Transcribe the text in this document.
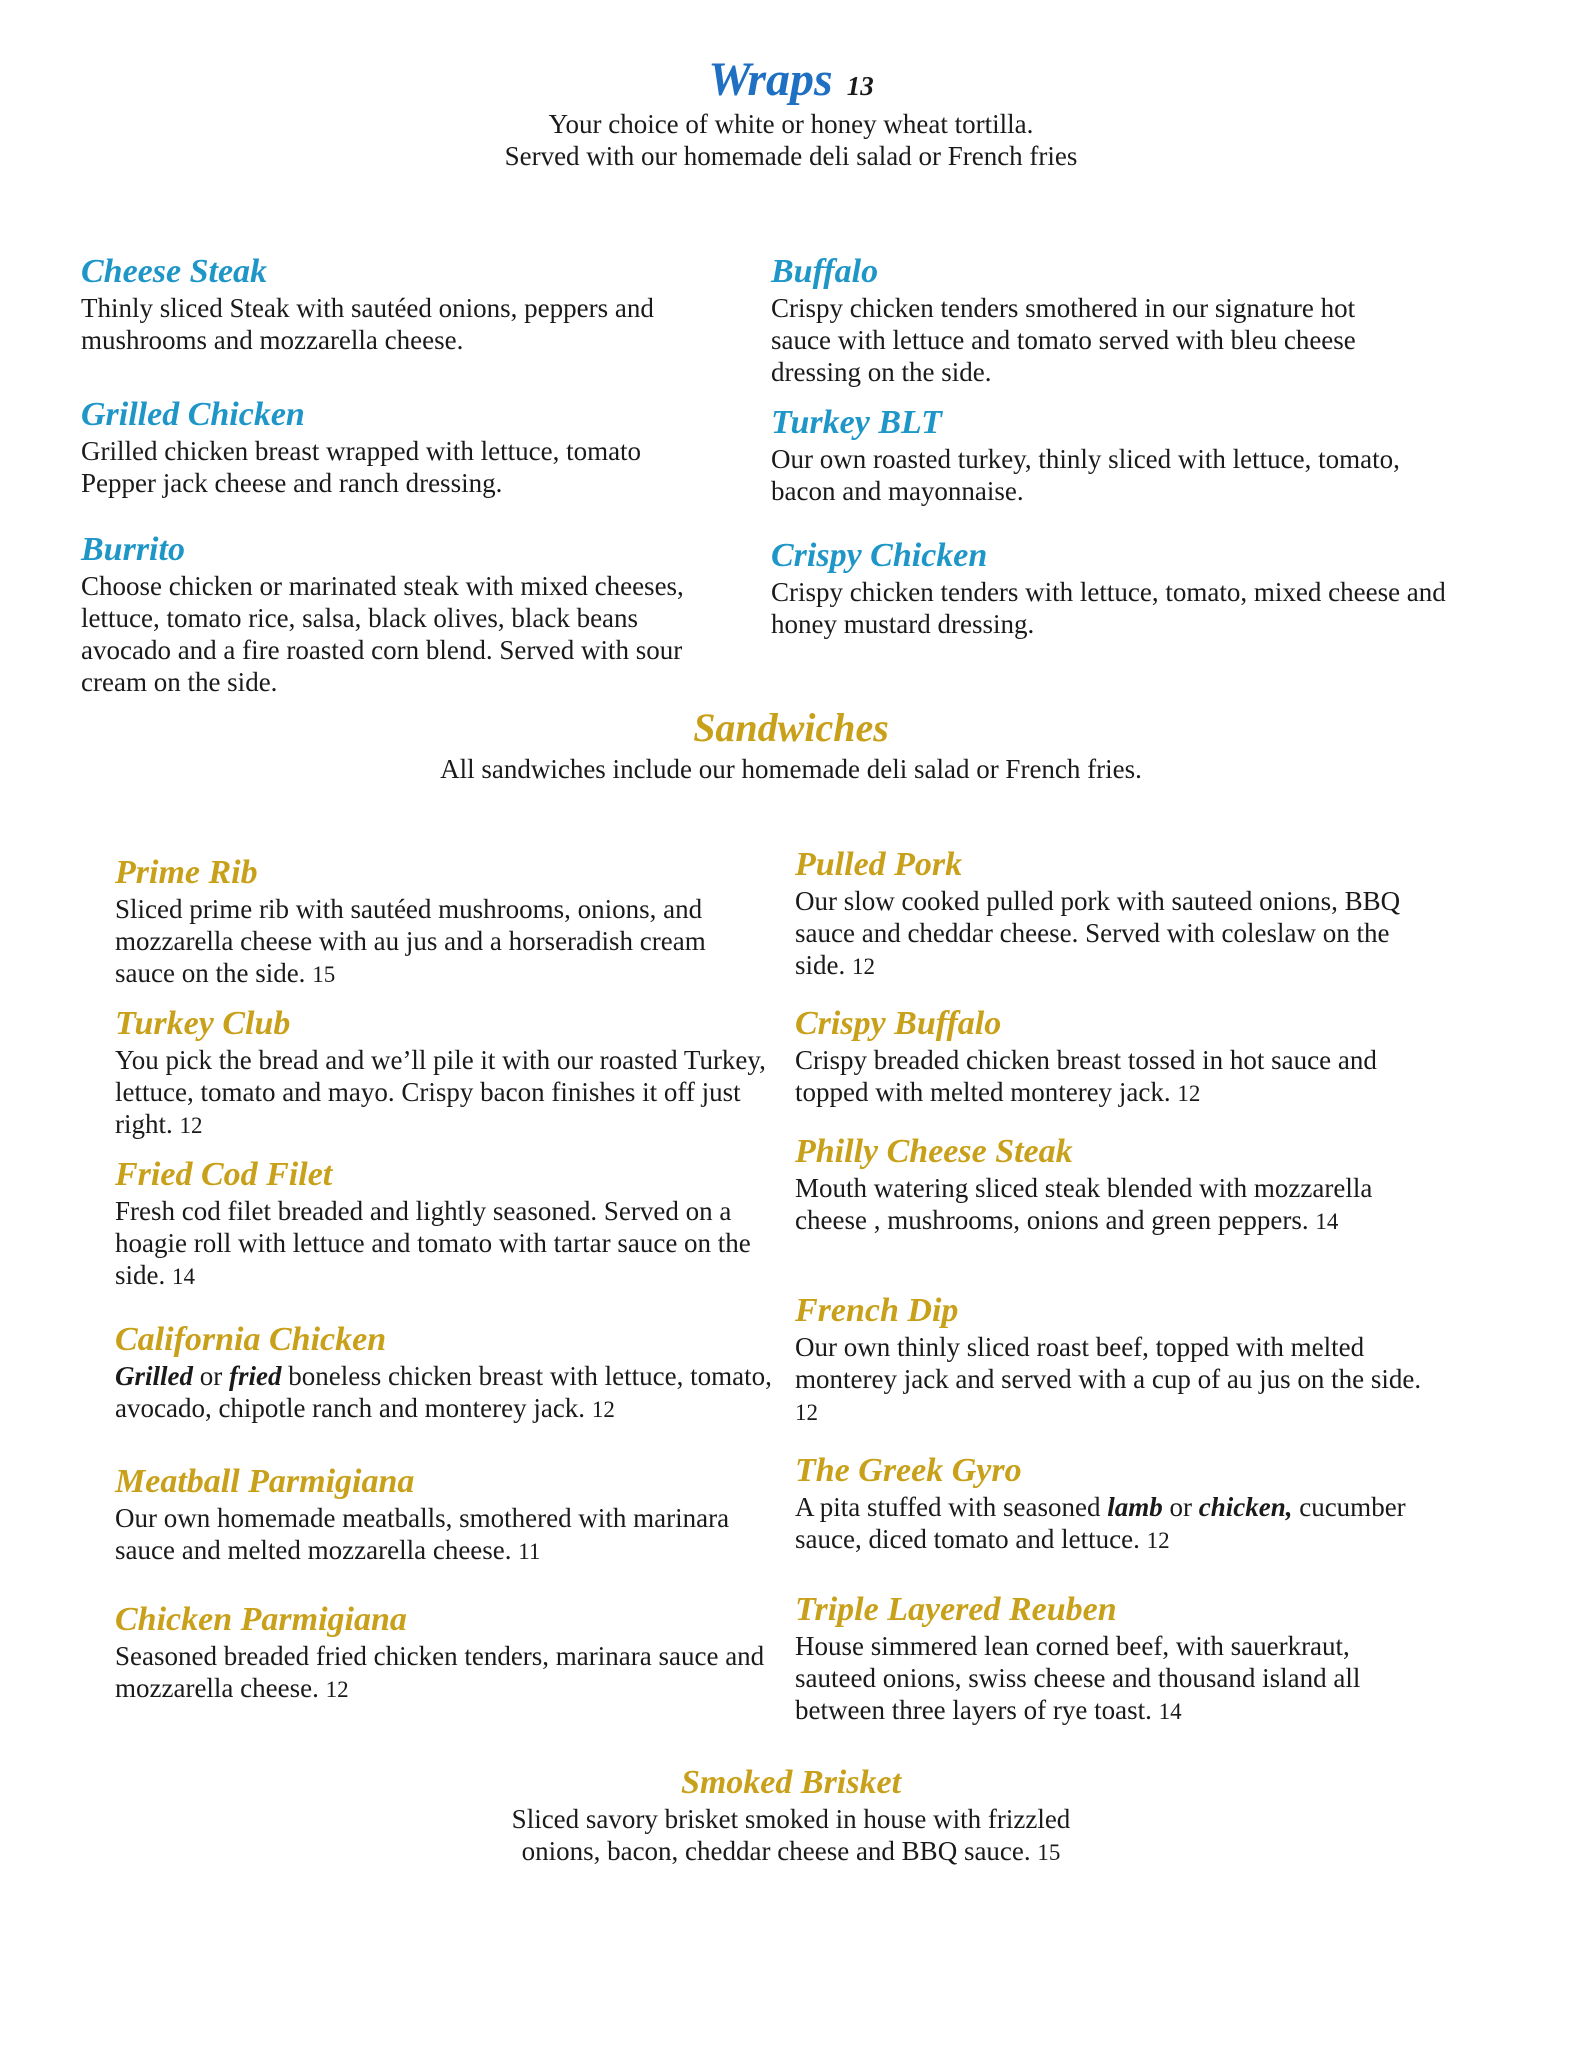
Wraps 13
Your choice of white or honey wheat tortilla.
Served with our homemade deli salad or French fries
Cheese Steak
Thinly sliced Steak with sautéed onions, peppers and mushrooms and mozzarella cheese.
Grilled Chicken
Grilled chicken breast wrapped with lettuce, tomato Pepper jack cheese and ranch dressing.
Burrito
Choose chicken or marinated steak with mixed cheeses, lettuce, tomato rice, salsa, black olives, black beans avocado and a fire roasted corn blend. Served with sour cream on the side.
Buffalo
Crispy chicken tenders smothered in our signature hot sauce with lettuce and tomato served with bleu cheese dressing on the side.
Turkey BLT
Our own roasted turkey, thinly sliced with lettuce, tomato, bacon and mayonnaise.
Crispy Chicken
Crispy chicken tenders with lettuce, tomato, mixed cheese and honey mustard dressing.
Sandwiches
All sandwiches include our homemade deli salad or French fries.
Prime Rib
Sliced prime rib with sautéed mushrooms, onions, and mozzarella cheese with au jus and a horseradish cream sauce on the side. 15
Turkey Club
You pick the bread and we’ll pile it with our roasted Turkey, lettuce, tomato and mayo. Crispy bacon finishes it off just right. 12
Fried Cod Filet
Fresh cod filet breaded and lightly seasoned. Served on a hoagie roll with lettuce and tomato with tartar sauce on the side. 14
California Chicken
Grilled or fried boneless chicken breast with lettuce, tomato, avocado, chipotle ranch and monterey jack. 12
Meatball Parmigiana
Our own homemade meatballs, smothered with marinara sauce and melted mozzarella cheese. 11
Chicken Parmigiana
Seasoned breaded fried chicken tenders, marinara sauce and mozzarella cheese. 12
Pulled Pork
Our slow cooked pulled pork with sauteed onions, BBQ sauce and cheddar cheese. Served with coleslaw on the side. 12
Crispy Buffalo
Crispy breaded chicken breast tossed in hot sauce and topped with melted monterey jack. 12
Philly Cheese Steak
Mouth watering sliced steak blended with mozzarella cheese , mushrooms, onions and green peppers. 14
French Dip
Our own thinly sliced roast beef, topped with melted monterey jack and served with a cup of au jus on the side. 12
The Greek Gyro
A pita stuffed with seasoned lamb or chicken, cucumber sauce, diced tomato and lettuce. 12
Triple Layered Reuben
House simmered lean corned beef, with sauerkraut, sauteed onions, swiss cheese and thousand island all between three layers of rye toast. 14
Smoked Brisket
Sliced savory brisket smoked in house with frizzled onions, bacon, cheddar cheese and BBQ sauce. 15
